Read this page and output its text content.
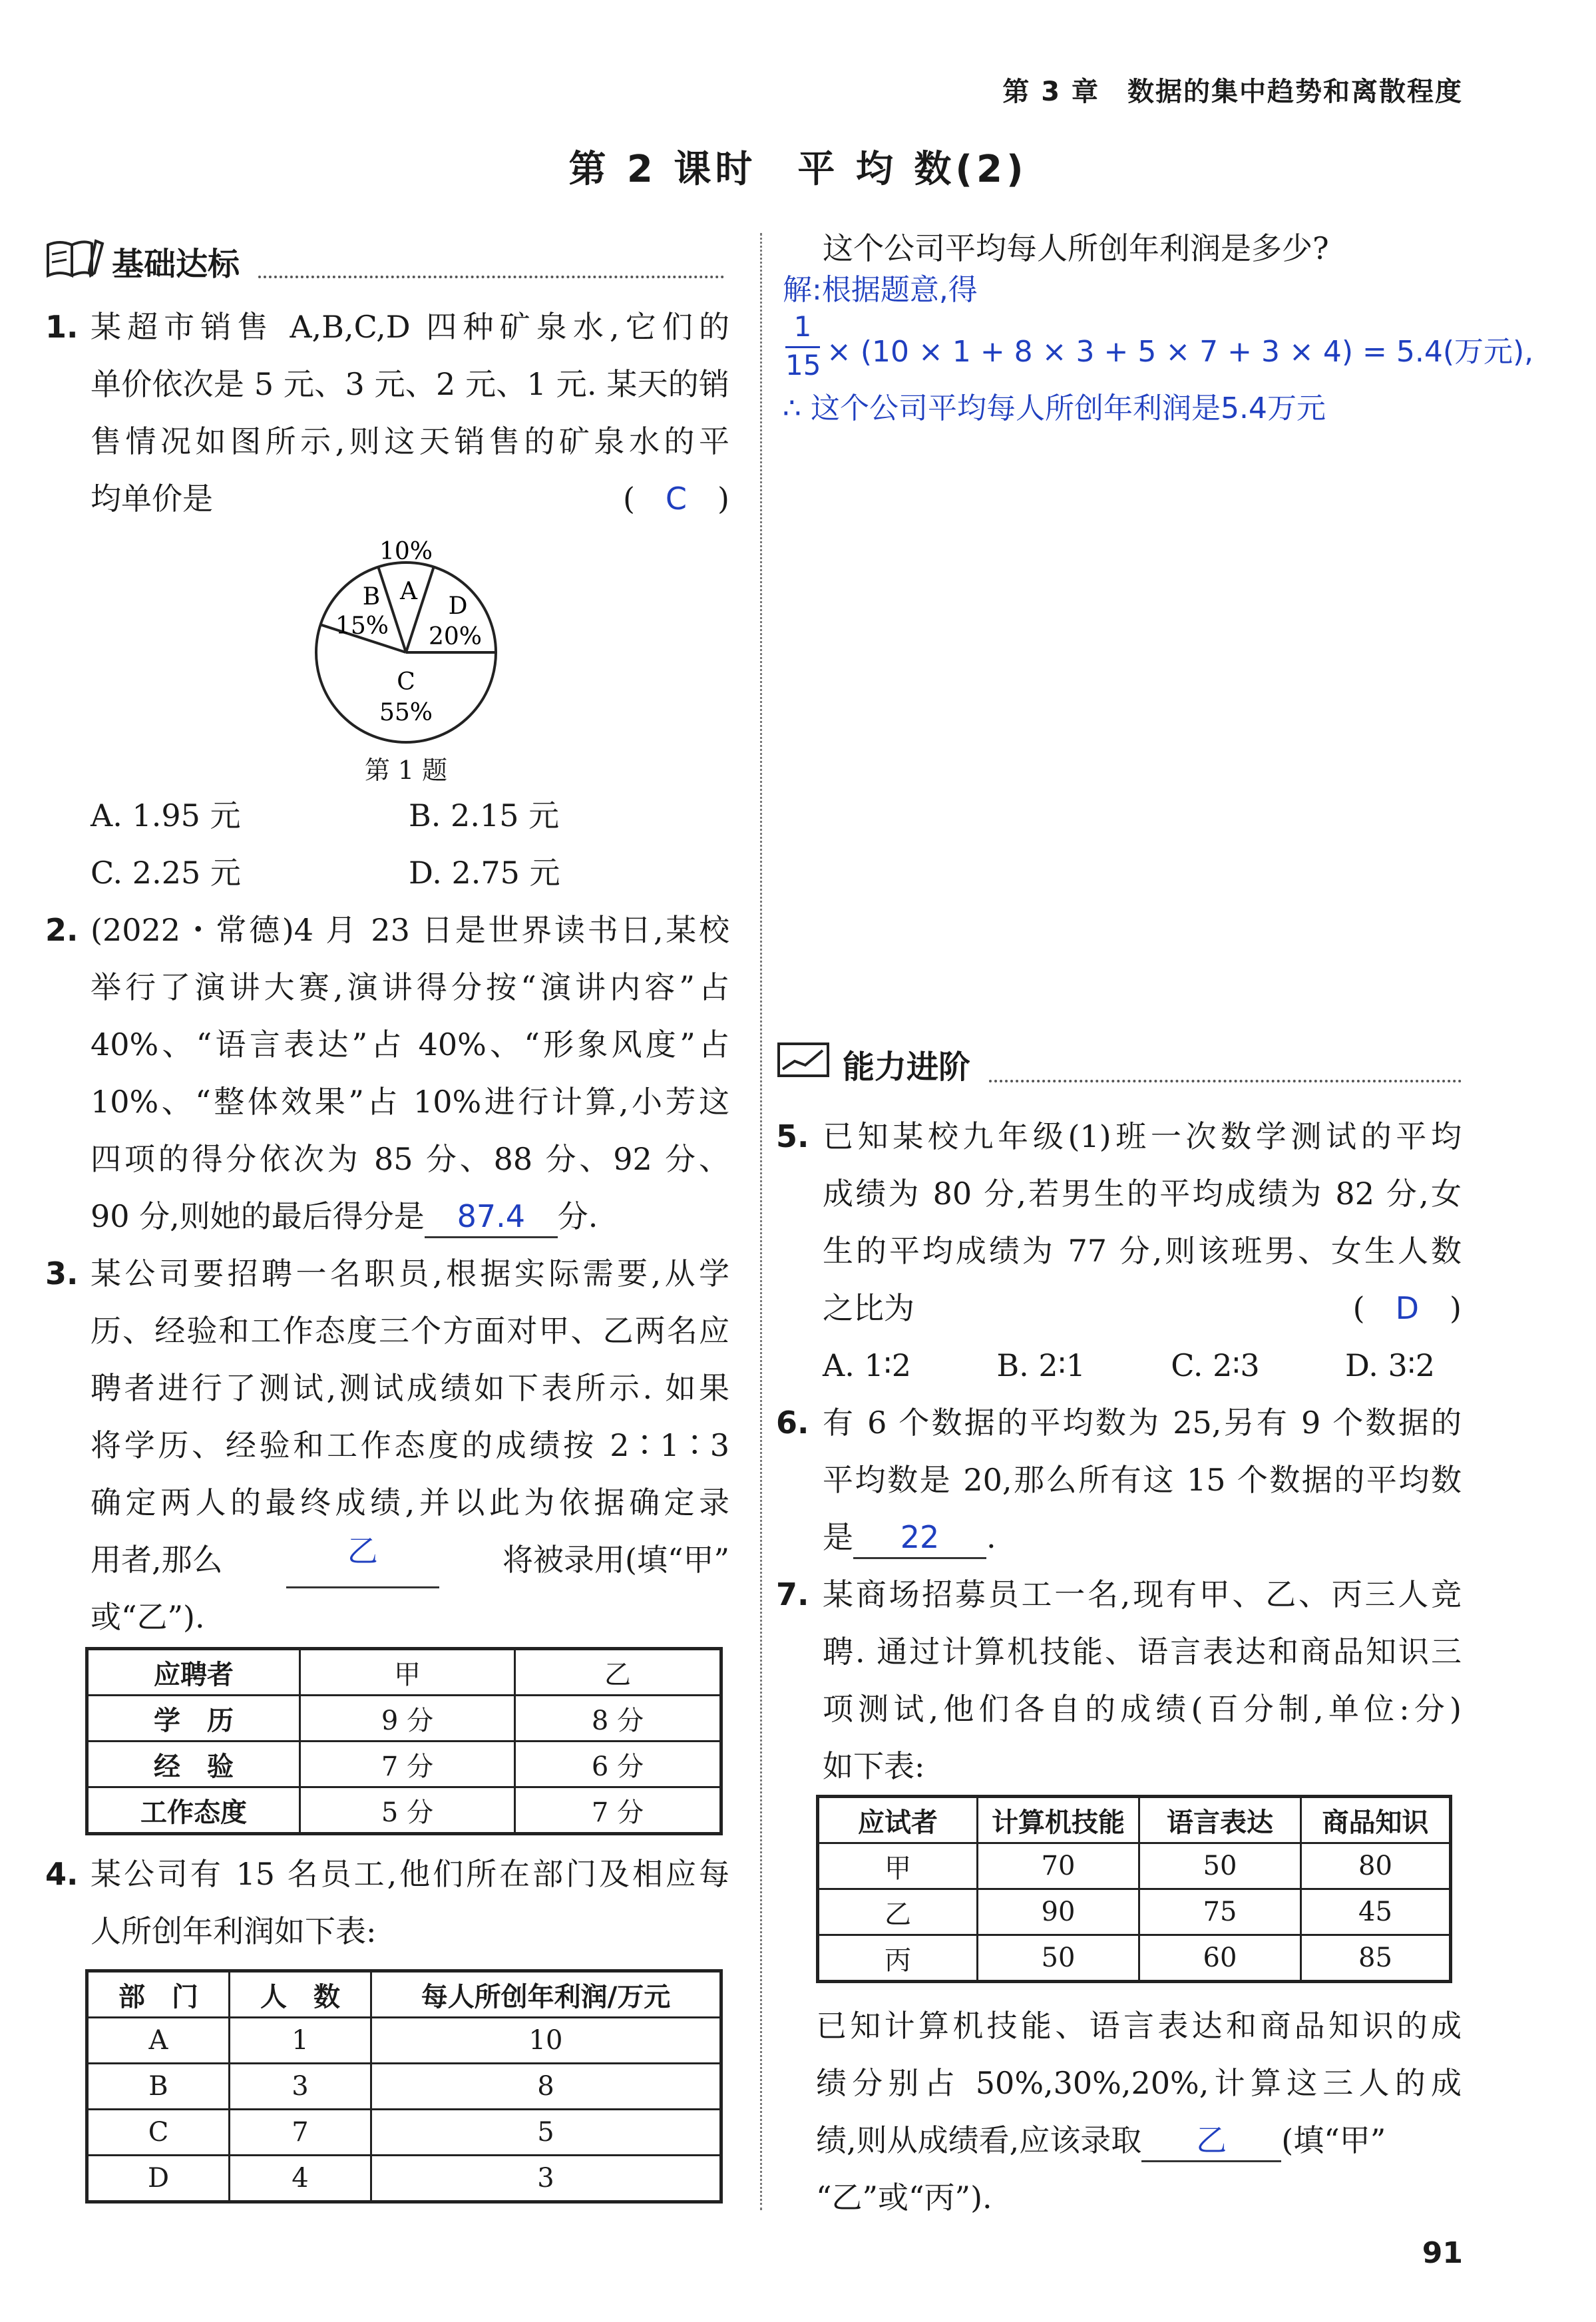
第 3 章　数据的集中趋势和离散程度
第 2 课时　平 均 数(2)
基础达标
1. 某超市销售 A,B,C,D 四种矿泉水,它们的
单价依次是 5 元、3 元、2 元、1 元. 某天的销
售情况如图所示,则这天销售的矿泉水的平
均单价是	(　C　)
10%
A
B
15%
D
20%
C
55%
第 1 题
A. 1.95 元	B. 2.15 元
C. 2.25 元	D. 2.75 元
2. (2022・常德)4 月 23 日是世界读书日,某校
举行了演讲大赛,演讲得分按“演讲内容”占
40%、“语言表达”占 40%、“形象风度”占
10%、“整体效果”占 10%进行计算,小芳这
四项的得分依次为 85 分、88 分、92 分、
90 分,则她的最后得分是 87.4 分.
3. 某公司要招聘一名职员,根据实际需要,从学
历、经验和工作态度三个方面对甲、乙两名应
聘者进行了测试,测试成绩如下表所示. 如果
将学历、经验和工作态度的成绩按 2∶1∶3
确定两人的最终成绩,并以此为依据确定录
用者,那么	乙	将被录用(填“甲”
或“乙”).
应聘者	甲	乙
学　历	9 分	8 分
经　验	7 分	6 分
工作态度	5 分	7 分
4. 某公司有 15 名员工,他们所在部门及相应每
人所创年利润如下表:
部　门	人　数	每人所创年利润/万元
A	1	10
B	3	8
C	7	5
D	4	3
这个公司平均每人所创年利润是多少?
解:根据题意,得
1
15 × (10 × 1 + 8 × 3 + 5 × 7 + 3 × 4) = 5.4(万元),
∴ 这个公司平均每人所创年利润是5.4万元
能力进阶
5. 已知某校九年级(1)班一次数学测试的平均
成绩为 80 分,若男生的平均成绩为 82 分,女
生的平均成绩为 77 分,则该班男、女生人数
之比为	(　D　)
A. 1∶2	B. 2∶1	C. 2∶3	D. 3∶2
6. 有 6 个数据的平均数为 25,另有 9 个数据的
平均数是 20,那么所有这 15 个数据的平均数
是 22 .
7. 某商场招募员工一名,现有甲、乙、丙三人竞
聘. 通过计算机技能、语言表达和商品知识三
项测试,他们各自的成绩(百分制,单位:分)
如下表:
应试者	计算机技能	语言表达	商品知识
甲	70	50	80
乙	90	75	45
丙	50	60	85
已知计算机技能、语言表达和商品知识的成
绩分别占 50%,30%,20%,计算这三人的成
绩,则从成绩看,应该录取 乙 (填“甲”
“乙”或“丙”).
91
